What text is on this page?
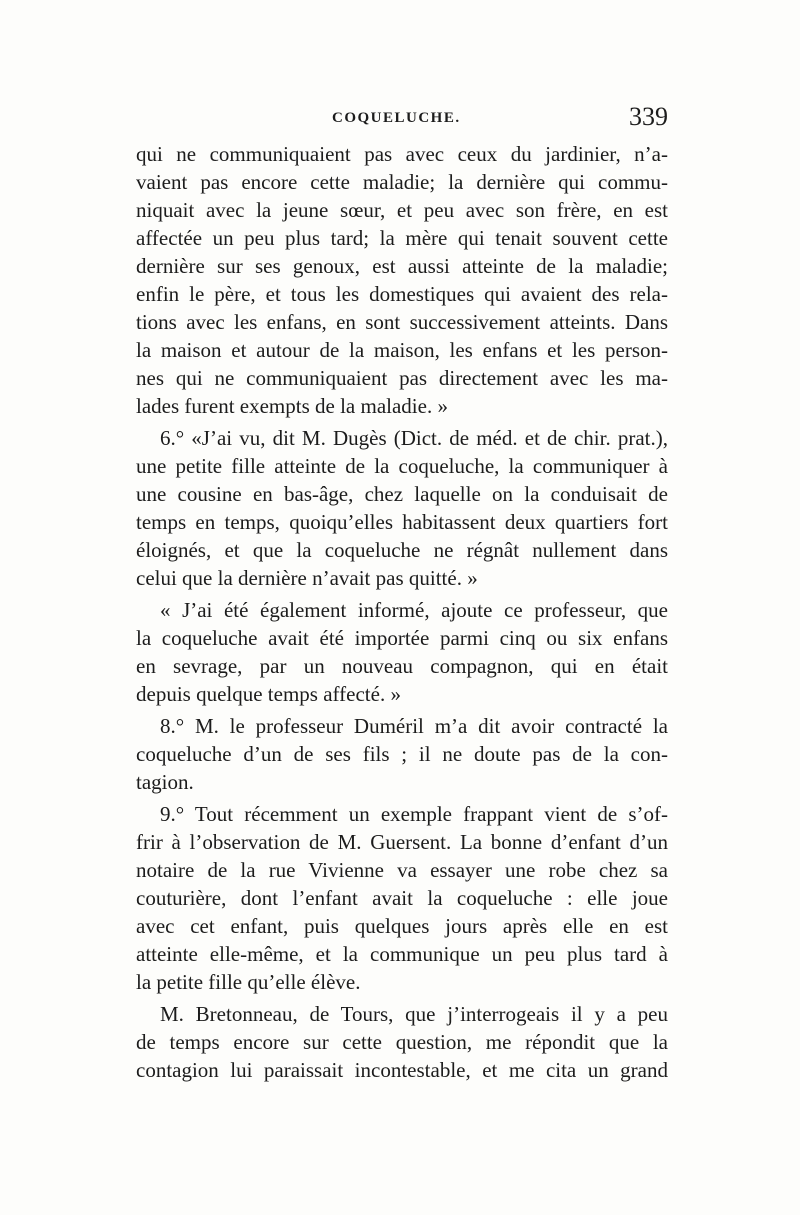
COQUELUCHE.	339
qui ne communiquaient pas avec ceux du jardinier, n’a-
vaient pas encore cette maladie; la dernière qui commu-
niquait avec la jeune sœur, et peu avec son frère, en est
affectée un peu plus tard; la mère qui tenait souvent cette
dernière sur ses genoux, est aussi atteinte de la maladie;
enfin le père, et tous les domestiques qui avaient des rela-
tions avec les enfans, en sont successivement atteints. Dans
la maison et autour de la maison, les enfans et les person-
nes qui ne communiquaient pas directement avec les ma-
lades furent exempts de la maladie. »
6.° «J’ai vu, dit M. Dugès (Dict. de méd. et de chir. prat.),
une petite fille atteinte de la coqueluche, la communiquer à
une cousine en bas-âge, chez laquelle on la conduisait de
temps en temps, quoiqu’elles habitassent deux quartiers fort
éloignés, et que la coqueluche ne régnât nullement dans
celui que la dernière n’avait pas quitté. »
« J’ai été également informé, ajoute ce professeur, que
la coqueluche avait été importée parmi cinq ou six enfans
en sevrage, par un nouveau compagnon, qui en était
depuis quelque temps affecté. »
8.° M. le professeur Duméril m’a dit avoir contracté la
coqueluche d’un de ses fils ; il ne doute pas de la con-
tagion.
9.° Tout récemment un exemple frappant vient de s’of-
frir à l’observation de M. Guersent. La bonne d’enfant d’un
notaire de la rue Vivienne va essayer une robe chez sa
couturière, dont l’enfant avait la coqueluche : elle joue
avec cet enfant, puis quelques jours après elle en est
atteinte elle-même, et la communique un peu plus tard à
la petite fille qu’elle élève.
M. Bretonneau, de Tours, que j’interrogeais il y a peu
de temps encore sur cette question, me répondit que la
contagion lui paraissait incontestable, et me cita un grand
